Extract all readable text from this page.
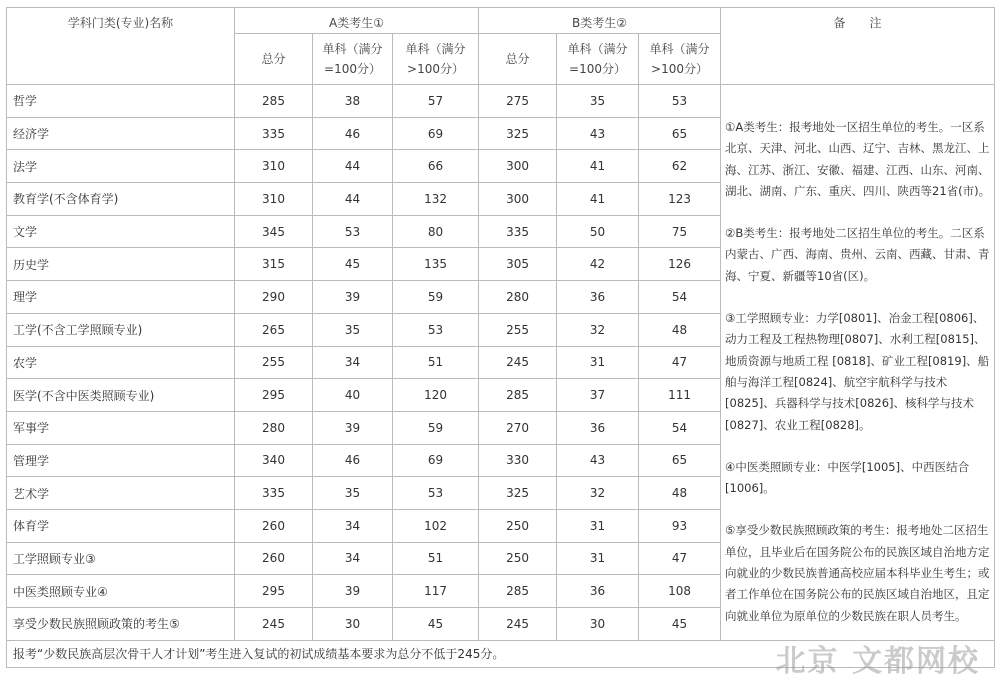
学科门类(专业)名称	A类考生①			B类考生②			备　　注
	总分	单科（满分=100分）	单科（满分>100分）	总分	单科（满分=100分）	单科（满分>100分）	
哲学	285	38	57	275	35	53	①A类考生：报考地处一区招生单位的考生。一区系北京、天津、河北、山西、辽宁、吉林、黑龙江、上海、江苏、浙江、安徽、福建、江西、山东、河南、湖北、湖南、广东、重庆、四川、陕西等21省(市)。

②B类考生：报考地处二区招生单位的考生。二区系内蒙古、广西、海南、贵州、云南、西藏、甘肃、青海、宁夏、新疆等10省(区)。

③工学照顾专业：力学[0801]、冶金工程[0806]、动力工程及工程热物理[0807]、水利工程[0815]、地质资源与地质工程 [0818]、矿业工程[0819]、船舶与海洋工程[0824]、航空宇航科学与技术[0825]、兵器科学与技术[0826]、核科学与技术[0827]、农业工程[0828]。

④中医类照顾专业：中医学[1005]、中西医结合[1006]。

⑤享受少数民族照顾政策的考生：报考地处二区招生单位，且毕业后在国务院公布的民族区域自治地方定向就业的少数民族普通高校应届本科毕业生考生；或者工作单位在国务院公布的民族区域自治地区，且定向就业单位为原单位的少数民族在职人员考生。

经济学	335	46	69	325	43	65	
法学	310	44	66	300	41	62	
教育学(不含体育学)	310	44	132	300	41	123	
文学	345	53	80	335	50	75	
历史学	315	45	135	305	42	126	
理学	290	39	59	280	36	54	
工学(不含工学照顾专业)	265	35	53	255	32	48	
农学	255	34	51	245	31	47	
医学(不含中医类照顾专业)	295	40	120	285	37	111	
军事学	280	39	59	270	36	54	
管理学	340	46	69	330	43	65	
艺术学	335	35	53	325	32	48	
体育学	260	34	102	250	31	93	
工学照顾专业③	260	34	51	250	31	47	
中医类照顾专业④	295	39	117	285	36	108	
享受少数民族照顾政策的考生⑤	245	30	45	245	30	45	
报考“少数民族高层次骨干人才计划”考生进入复试的初试成绩基本要求为总分不低于245分。								北京 文都网校
